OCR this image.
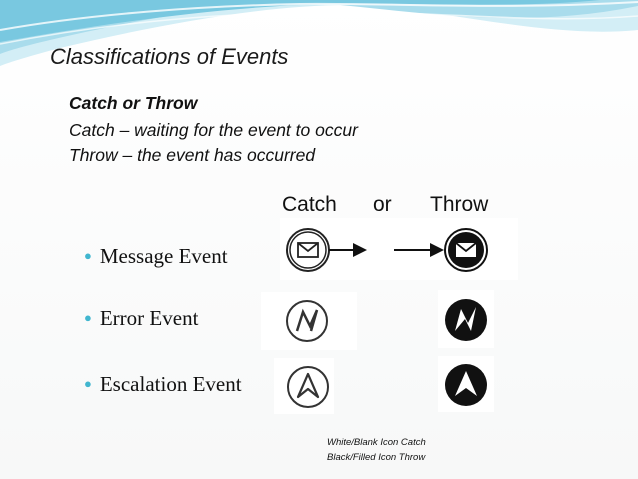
Classifications of Events
Catch or Throw
Catch – waiting for the event to occur
Throw – the event has occurred
Catch or Throw
● Message Event
● Error Event
● Escalation Event
White/Blank Icon Catch
Black/Filled Icon Throw
